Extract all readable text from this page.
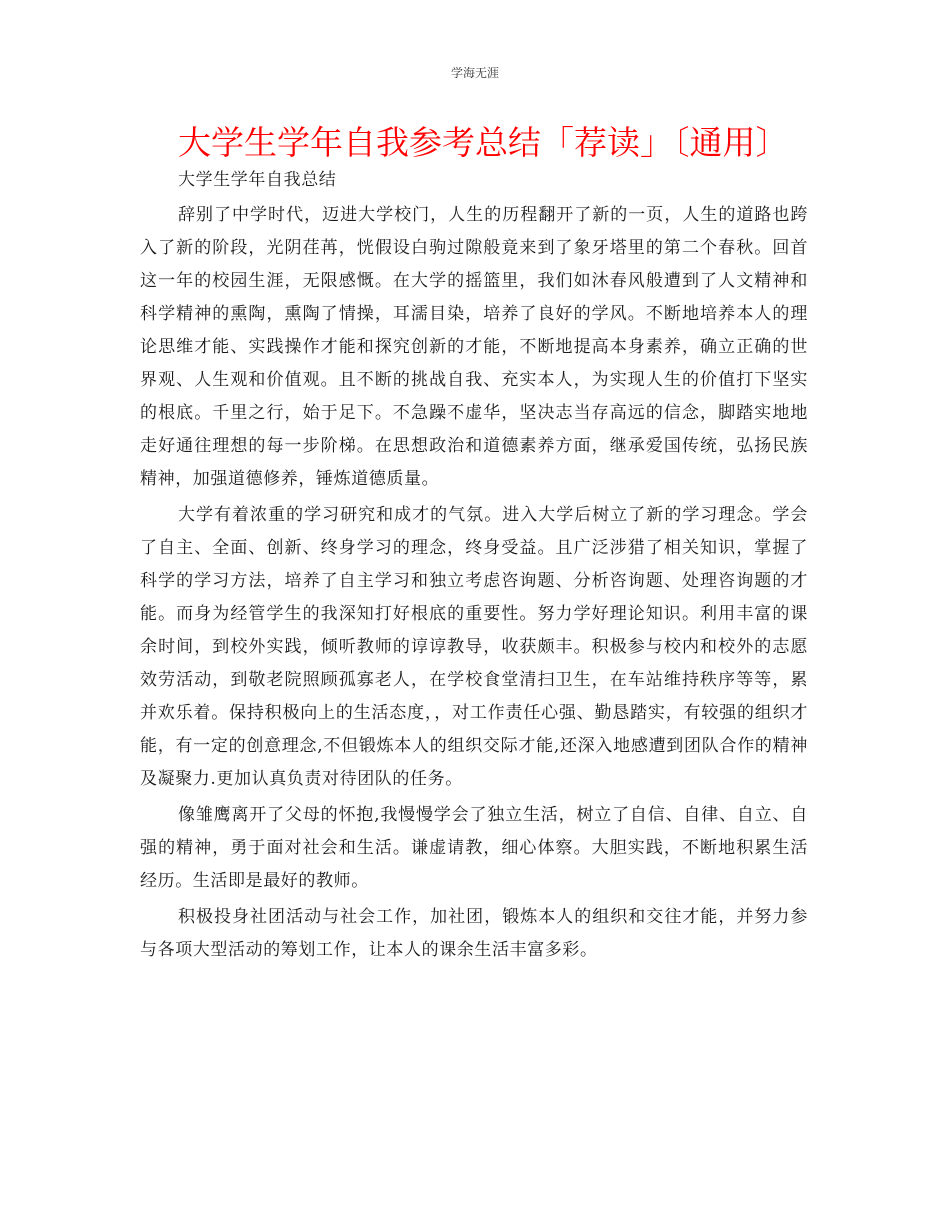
学海无涯
大学生学年自我参考总结「荐读」〔通用〕

大学生学年自我总结

辞别了中学时代，迈进大学校门，人生的历程翻开了新的一页，人生的道路也跨入了新的阶段，光阴荏苒，恍假设白驹过隙般竟来到了象牙塔里的第二个春秋。回首这一年的校园生涯，无限感慨。在大学的摇篮里，我们如沐春风般遭到了人文精神和科学精神的熏陶，熏陶了情操，耳濡目染，培养了良好的学风。不断地培养本人的理论思维才能、实践操作才能和探究创新的才能，不断地提高本身素养，确立正确的世界观、人生观和价值观。且不断的挑战自我、充实本人，为实现人生的价值打下坚实的根底。千里之行，始于足下。不急躁不虚华，坚决志当存高远的信念，脚踏实地地走好通往理想的每一步阶梯。在思想政治和道德素养方面，继承爱国传统，弘扬民族精神，加强道德修养，锤炼道德质量。

大学有着浓重的学习研究和成才的气氛。进入大学后树立了新的学习理念。学会了自主、全面、创新、终身学习的理念，终身受益。且广泛涉猎了相关知识，掌握了科学的学习方法，培养了自主学习和独立考虑咨询题、分析咨询题、处理咨询题的才能。而身为经管学生的我深知打好根底的重要性。努力学好理论知识。利用丰富的课余时间，到校外实践，倾听教师的谆谆教导，收获颇丰。积极参与校内和校外的志愿效劳活动，到敬老院照顾孤寡老人，在学校食堂清扫卫生，在车站维持秩序等等，累并欢乐着。保持积极向上的生活态度，，对工作责任心强、勤恳踏实，有较强的组织才能，有一定的创意理念,不但锻炼本人的组织交际才能,还深入地感遭到团队合作的精神及凝聚力.更加认真负责对待团队的任务。

像雏鹰离开了父母的怀抱,我慢慢学会了独立生活，树立了自信、自律、自立、自强的精神，勇于面对社会和生活。谦虚请教，细心体察。大胆实践，不断地积累生活经历。生活即是最好的教师。

积极投身社团活动与社会工作，加社团，锻炼本人的组织和交往才能，并努力参与各项大型活动的筹划工作，让本人的课余生活丰富多彩。
